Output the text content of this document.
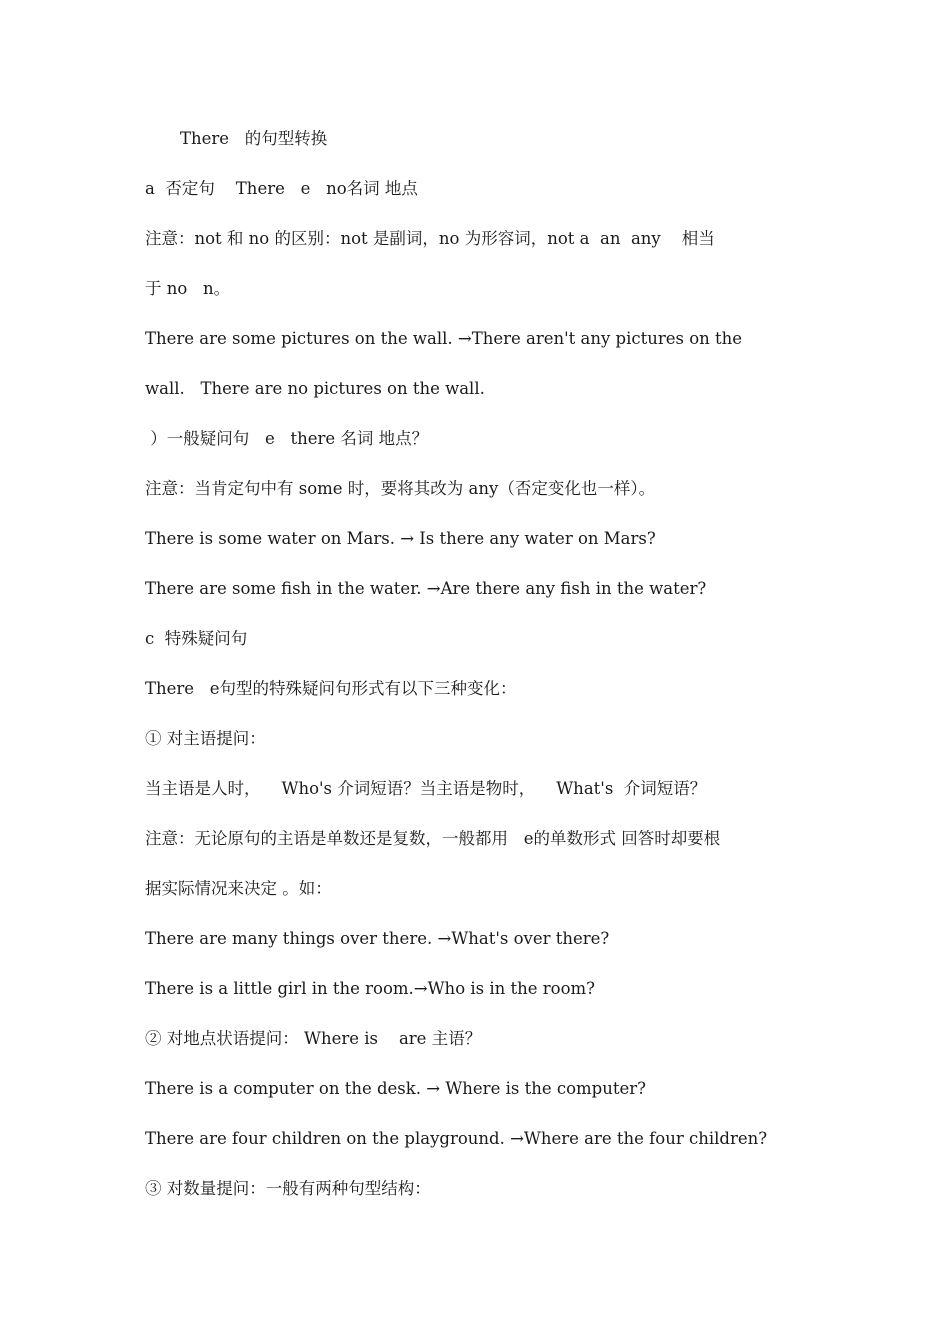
There   的句型转换
a  否定句    There   e   no名词 地点
注意：not 和 no 的区别：not 是副词，no 为形容词，not a  an  any    相当
于 no   n。
There are some pictures on the wall. →There aren't any pictures on the
wall.   There are no pictures on the wall.
）一般疑问句   e   there 名词 地点？
注意：当肯定句中有 some 时，要将其改为 any（否定变化也一样）。
There is some water on Mars. → Is there any water on Mars?
There are some fish in the water. →Are there any fish in the water?
c  特殊疑问句
There   e句型的特殊疑问句形式有以下三种变化：
① 对主语提问：
当主语是人时，    Who's 介词短语？当主语是物时，    What's  介词短语？
注意：无论原句的主语是单数还是复数，一般都用   e的单数形式 回答时却要根
据实际情况来决定 。如：
There are many things over there. →What's over there?
There is a little girl in the room.→Who is in the room?
② 对地点状语提问： Where is    are 主语？
There is a computer on the desk. → Where is the computer?
There are four children on the playground. →Where are the four children?
③ 对数量提问：一般有两种句型结构：
